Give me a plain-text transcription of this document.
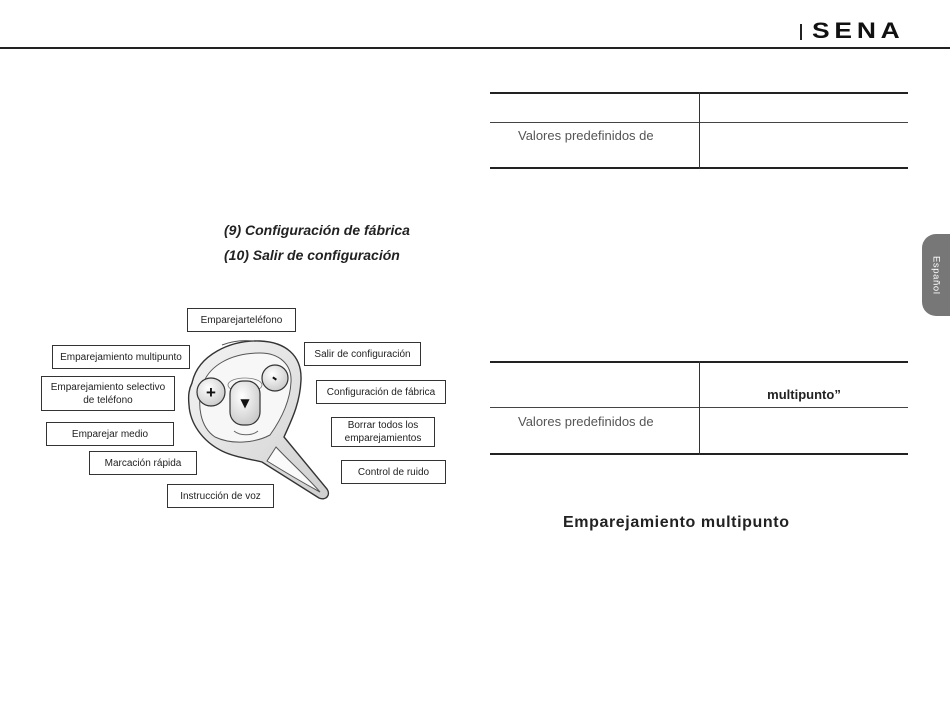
SENA
Español
Valores predefinidos de
(9) Configuración de fábrica
(10) Salir de configuración
+
-
▼
Emparejarteléfono
Emparejamiento multipunto
Emparejamiento selectivo
de teléfono
Emparejar medio
Marcación rápida
Instrucción de voz
Salir de configuración
Configuración de fábrica
Borrar todos los
emparejamientos
Control de ruido
multipunto”
Valores predefinidos de
Emparejamiento multipunto
